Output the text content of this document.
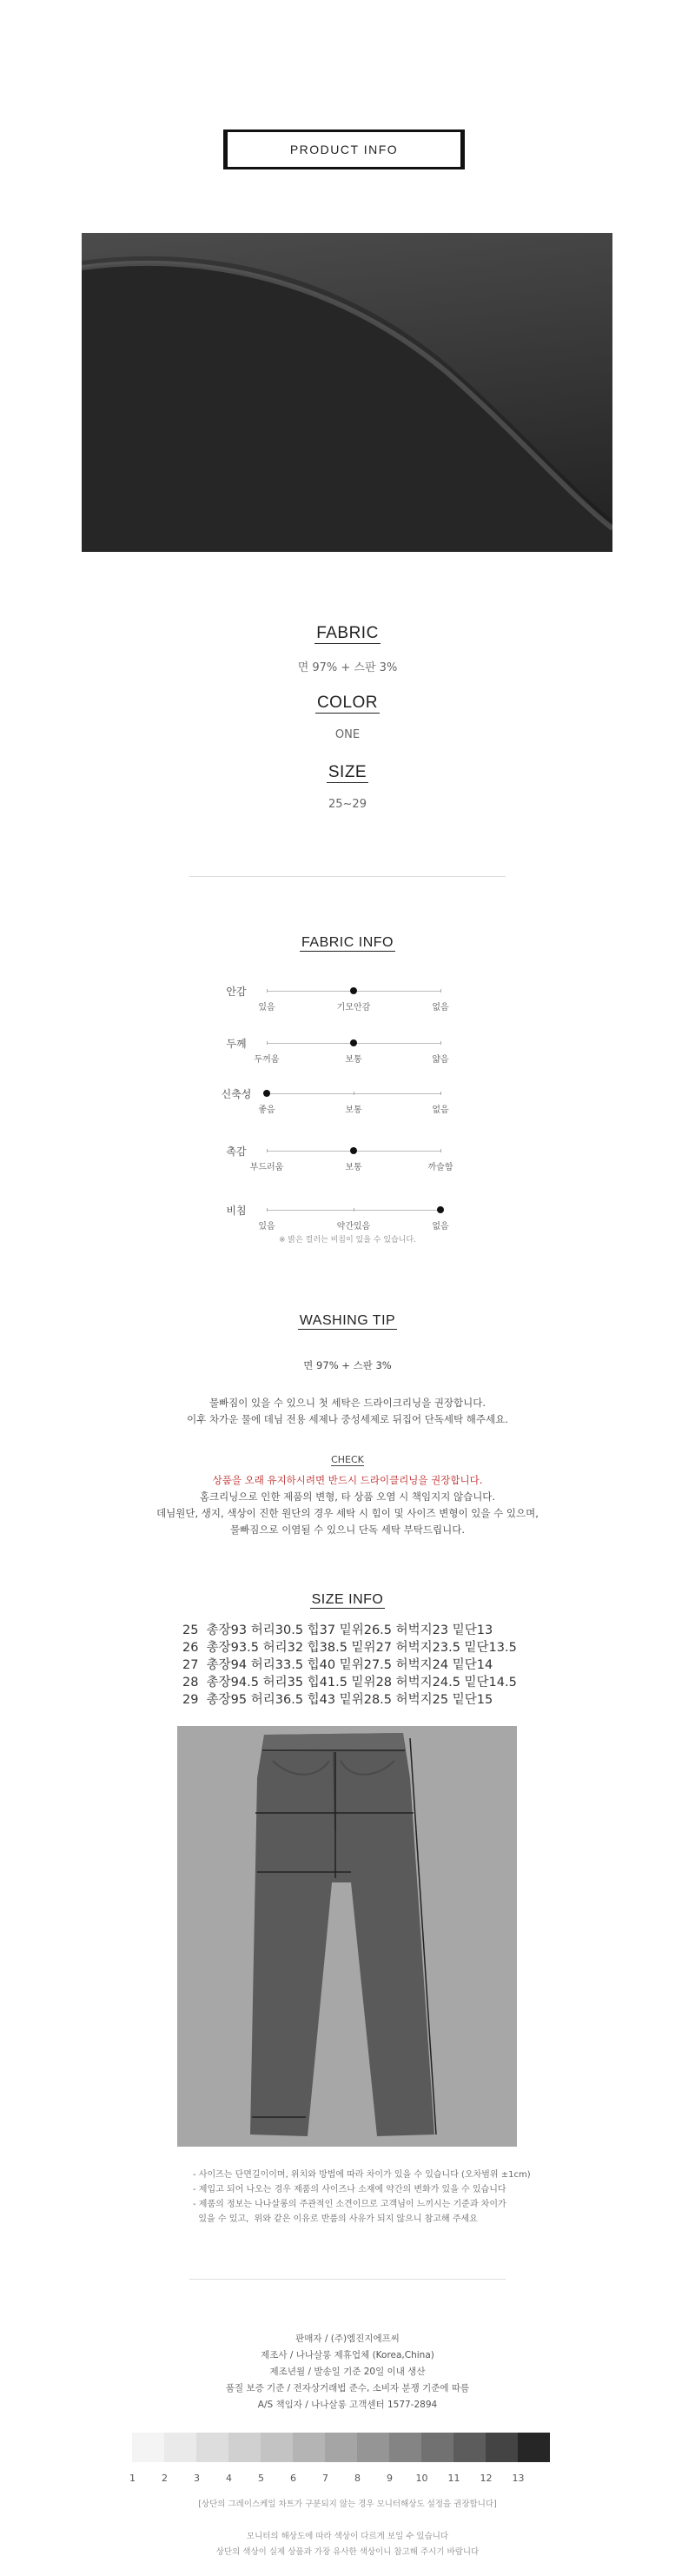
PRODUCT INFO
FABRIC
면 97% + 스판 3%
COLOR
ONE
SIZE
25~29
FABRIC INFO
안감
있음	기모안감	없음
두께
두꺼움	보통	얇음
신축성
좋음	보통	없음
촉감
부드러움	보통	까슬함
비침
있음	약간있음	없음
※ 밝은 컬러는 비침이 있을 수 있습니다.
WASHING TIP
면 97% + 스판 3%
물빠짐이 있을 수 있으니 첫 세탁은 드라이크리닝을 권장합니다.
이후 차가운 물에 데님 전용 세제나 중성세제로 뒤집어 단독세탁 해주세요.
CHECK
상품을 오래 유지하시려면 반드시 드라이클리닝을 권장합니다.
홈크리닝으로 인한 제품의 변형, 타 상품 오염 시 책임지지 않습니다.
데님원단, 생지, 색상이 진한 원단의 경우 세탁 시 힘이 및 사이즈 변형이 있을 수 있으며,
물빠짐으로 이염될 수 있으니 단독 세탁 부탁드립니다.
SIZE INFO
25  총장93 허리30.5 힙37 밑위26.5 허벅지23 밑단13
26  총장93.5 허리32 힙38.5 밑위27 허벅지23.5 밑단13.5
27  총장94 허리33.5 힙40 밑위27.5 허벅지24 밑단14
28  총장94.5 허리35 힙41.5 밑위28 허벅지24.5 밑단14.5
29  총장95 허리36.5 힙43 밑위28.5 허벅지25 밑단15
- 사이즈는 단면길이이며, 위치와 방법에 따라 차이가 있을 수 있습니다 (오차범위 ±1cm)
- 제입고 되어 나오는 경우 제품의 사이즈나 소재에 약간의 변화가 있을 수 있습니다
- 제품의 정보는 나나살롱의 주관적인 소견이므로 고객님이 느끼시는 기준과 차이가
있을 수 있고,  위와 같은 이유로 반품의 사유가 되지 않으니 참고해 주세요
판매자 / (주)엠진지에프씨
제조사 / 나나살롱 제휴업체 (Korea,China)
제조년월 / 발송일 기준 20일 이내 생산
품질 보증 기준 / 전자상거래법 준수, 소비자 분쟁 기준에 따름
A/S 책임자 / 나나살롱 고객센터 1577-2894
1	2	3	4	5	6	7	8	9	10	11	12	13
[상단의 그레이스케일 차트가 구분되지 않는 경우 모니터해상도 설정을 권장합니다]
모니터의 해상도에 따라 색상이 다르게 보일 수 있습니다
상단의 색상이 실제 상품과 가장 유사한 색상이니 참고해 주시기 바랍니다
